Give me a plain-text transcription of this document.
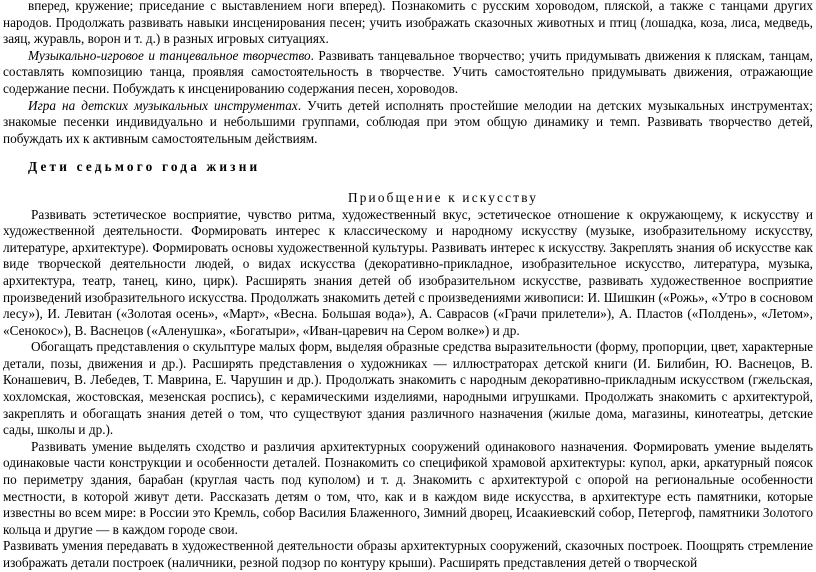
вперед, кружение; приседание с выставлением ноги вперед). Познакомить с русским хороводом, пляской, а также с танцами других народов. Продолжать развивать навыки инсценирования песен; учить изображать сказочных животных и птиц (лошадка, коза, лиса, медведь, заяц, журавль, ворон и т. д.) в разных игровых ситуациях.

Музыкально-игровое и танцевальное творчество. Развивать танцевальное творчество; учить придумывать движения к пляскам, танцам, составлять композицию танца, проявляя самостоятельность в творчестве. Учить самостоятельно придумывать движения, отражающие содержание песни. Побуждать к инсценированию содержания песен, хороводов.

Игра на детских музыкальных инструментах. Учить детей исполнять простейшие мелодии на детских музыкальных инструментах; знакомые песенки индивидуально и небольшими группами, соблюдая при этом общую динамику и темп. Развивать творчество детей, побуждать их к активным самостоятельным действиям.

Дети седьмого года жизни

Приобщение к искусству

Развивать эстетическое восприятие, чувство ритма, художественный вкус, эстетическое отношение к окружающему, к искусству и художественной деятельности. Формировать интерес к классическому и народному искусству (музыке, изобразительному искусству, литературе, архитектуре). Формировать основы художественной культуры. Развивать интерес к искусству. Закреплять знания об искусстве как виде творческой деятельности людей, о видах искусства (декоративно-прикладное, изобразительное искусство, литература, музыка, архитектура, театр, танец, кино, цирк). Расширять знания детей об изобразительном искусстве, развивать художественное восприятие произведений изобразительного искусства. Продолжать знакомить детей с произведениями живописи: И. Шишкин («Рожь», «Утро в сосновом лесу»), И. Левитан («Золотая осень», «Март», «Весна. Большая вода»), А. Саврасов («Грачи прилетели»), А. Пластов («Полдень», «Летом», «Сенокос»), В. Васнецов («Аленушка», «Богатыри», «Иван-царевич на Сером волке») и др.

Обогащать представления о скульптуре малых форм, выделяя образные средства выразительности (форму, пропорции, цвет, характерные детали, позы, движения и др.). Расширять представления о художниках — иллюстраторах детской книги (И. Билибин, Ю. Васнецов, В. Конашевич, В. Лебедев, Т. Маврина, Е. Чарушин и др.). Продолжать знакомить с народным декоративно-прикладным искусством (гжельская, хохломская, жостовская, мезенская роспись), с керамическими изделиями, народными игрушками. Продолжать знакомить с архитектурой, закреплять и обогащать знания детей о том, что существуют здания различного назначения (жилые дома, магазины, кинотеатры, детские сады, школы и др.).

Развивать умение выделять сходство и различия архитектурных сооружений одинакового назначения. Формировать умение выделять одинаковые части конструкции и особенности деталей. Познакомить со спецификой храмовой архитектуры: купол, арки, аркатурный поясок по периметру здания, барабан (круглая часть под куполом) и т. д. Знакомить с архитектурой с опорой на региональные особенности местности, в которой живут дети. Рассказать детям о том, что, как и в каждом виде искусства, в архитектуре есть памятники, которые известны во всем мире: в России это Кремль, собор Василия Блаженного, Зимний дворец, Исаакиевский собор, Петергоф, памятники Золотого кольца и другие — в каждом городе свои.

Развивать умения передавать в художественной деятельности образы архитектурных сооружений, сказочных построек. Поощрять стремление изображать детали построек (наличники, резной подзор по контуру крыши). Расширять представления детей о творческой
